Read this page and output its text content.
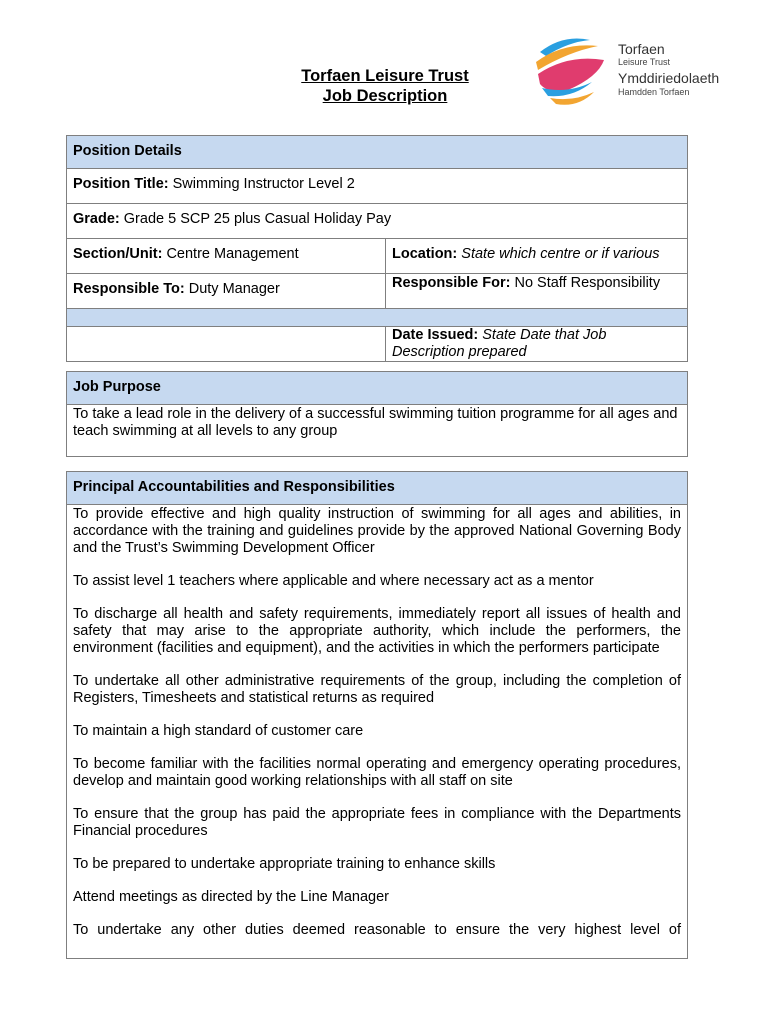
Torfaen Leisure Trust
Job Description
Torfaen
Leisure Trust
Ymddiriedolaeth
Hamdden Torfaen
Position Details
Position Title: Swimming Instructor Level 2
Grade: Grade 5 SCP 25 plus Casual Holiday Pay
Section/Unit: Centre Management	Location: State which centre or if various
Responsible To: Duty Manager	Responsible For: No Staff Responsibility
Date Issued: State Date that Job Description prepared
Job Purpose
To take a lead role in the delivery of a successful swimming tuition programme for all ages and teach swimming at all levels to any group
Principal Accountabilities and Responsibilities

To provide effective and high quality instruction of swimming for all ages and abilities, in accordance with the training and guidelines provide by the approved National Governing Body and the Trust’s Swimming Development Officer

To assist level 1 teachers where applicable and where necessary act as a mentor

To discharge all health and safety requirements, immediately report all issues of health and safety that may arise to the appropriate authority, which include the performers, the environment (facilities and equipment), and the activities in which the performers participate

To undertake all other administrative requirements of the group, including the completion of Registers, Timesheets and statistical returns as required

To maintain a high standard of customer care

To become familiar with the facilities normal operating and emergency operating procedures, develop and maintain good working relationships with all staff on site

To ensure that the group has paid the appropriate fees in compliance with the Departments Financial procedures

To be prepared to undertake appropriate training to enhance skills

Attend meetings as directed by the Line Manager

To undertake any other duties deemed reasonable to ensure the very highest level of
